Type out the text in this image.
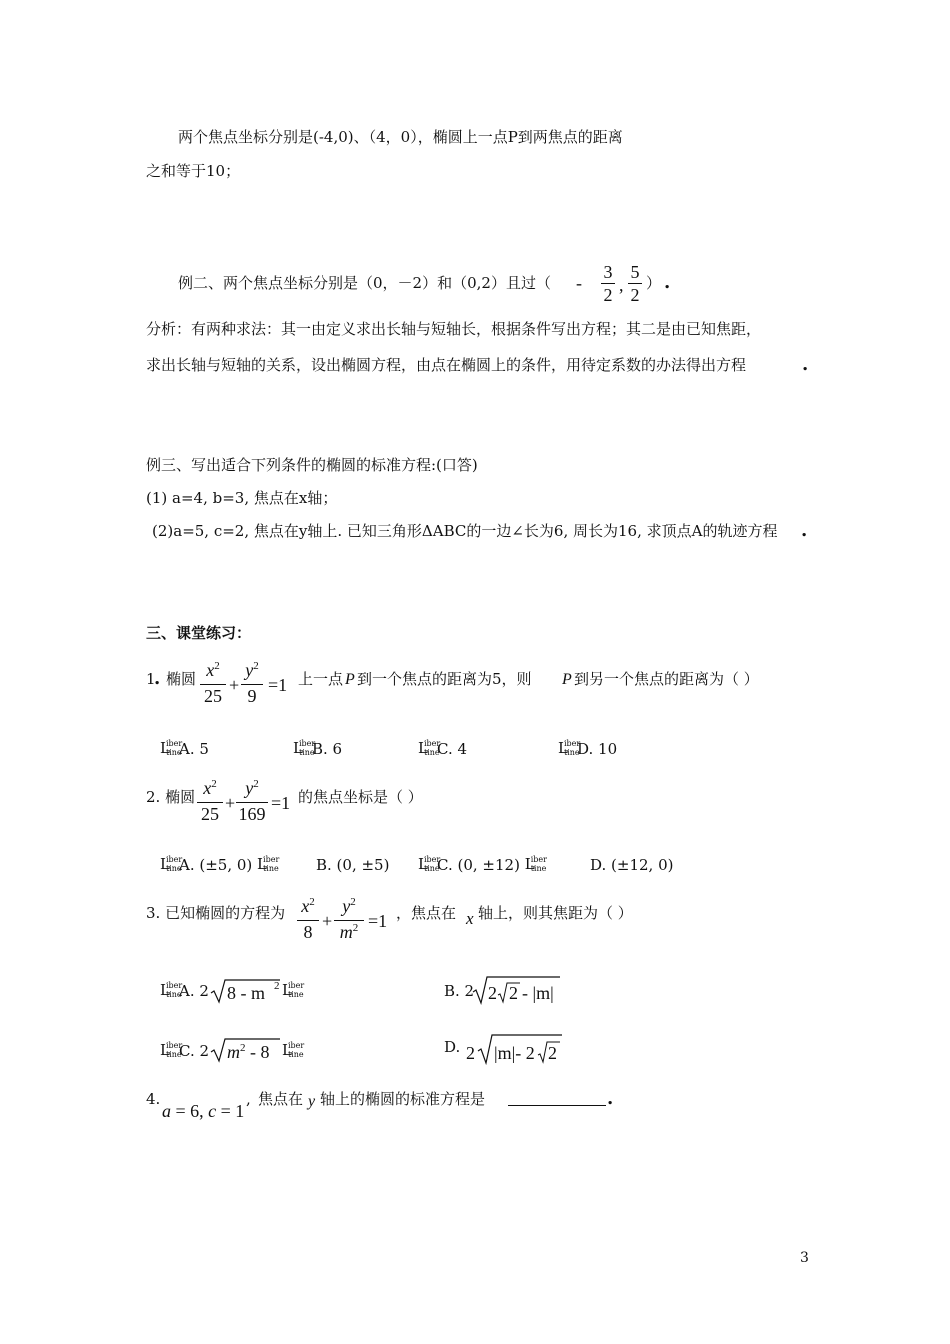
两个焦点坐标分别是(-4,0)、（4，0），椭圆上一点P到两焦点的距离
之和等于10；
例二、两个焦点坐标分别是（0，－2）和（0,2）且过（ -
3
2 ,
5
2
） .
分析：有两种求法：其一由定义求出长轴与短轴长，根据条件写出方程；其二是由已知焦距，
求出长轴与短轴的关系，设出椭圆方程，由点在椭圆上的条件，用待定系数的办法得出方程	.
例三、写出适合下列条件的椭圆的标准方程:(口答)
(1) a=4, b=3, 焦点在x轴；
(2)a=5, c=2, 焦点在y轴上. 已知三角形ΔABC的一边∠长为6, 周长为16, 求顶点A的轨迹方程 .
三、课堂练习：
1
. 椭圆 $x^2$
25
+
$y^2$
9
=1 上一点 P 到一个焦点的距离为5，则 P 到另一个焦点的距离为（ ）
L
iber
tine
A. 5	L
iber
tine
B. 6	L
iber
tine
C. 4	L
iber
tine
D. 10
2. 椭圆 $x^2$
25
+
$y^2$
169
=1 的焦点坐标是（ ）
L
iber
tine
A. (±5, 0) L
iber
tine B. (0, ±5) L
iber
tine
C. (0, ±12) L
iber
tine	D. (±12, 0)
3. 已知椭圆的方程为 $x^2$
8
+
$y^2$
$m^2 =1$ ，焦点在 x 轴上，则其焦距为（ ）
L
iber
tine
A. 2 8 - m 2 L
iber
tine	B. 2 2 2 - |m|
L
iber
tine
C. 2 $m^2 - 8$ L
iber
tine	D. 2 |m|- 2 2
4.
a = 6, c = 1
, 焦点在 y 轴上的椭圆的标准方程是	.
3
